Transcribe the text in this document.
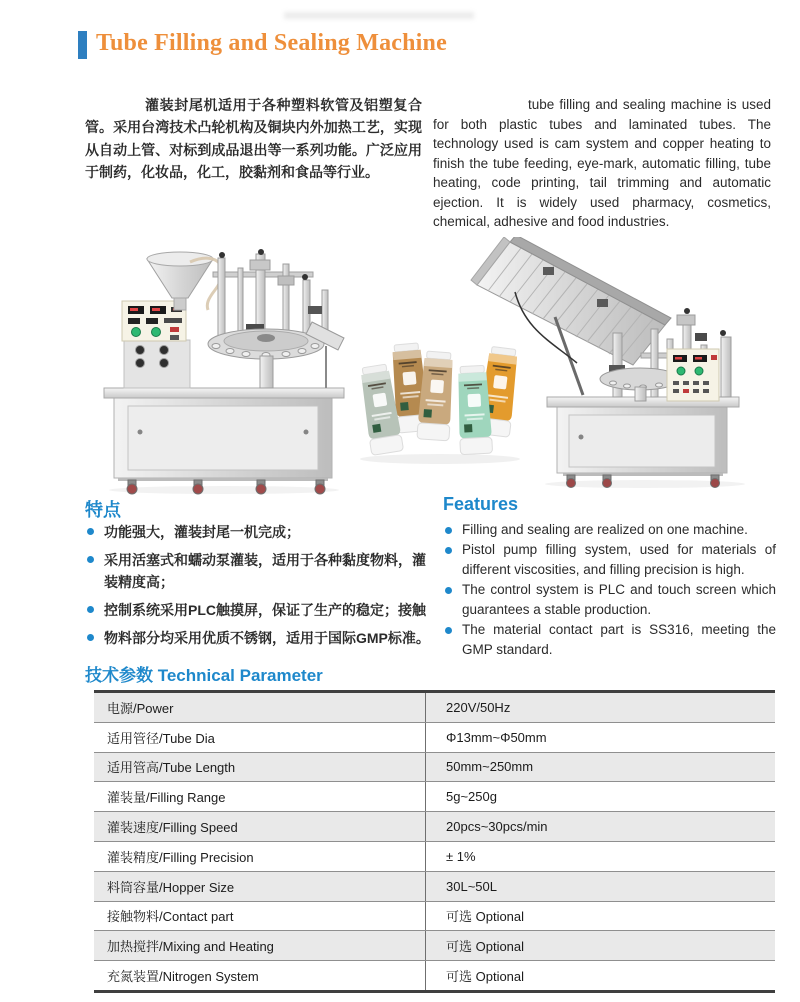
Tube Filling and Sealing Machine
灌装封尾机适用于各种塑料软管及铝塑复合管。采用台湾技术凸轮机构及铜块内外加热工艺，实现从自动上管、对标到成品退出等一系列功能。广泛应用于制药，化妆品，化工，胶黏剂和食品等行业。
tube filling and sealing machine is used for both plastic tubes and laminated tubes. The technology used is cam system and copper heating to finish the tube feeding, eye-mark, automatic filling, tube heating, code printing, tail trimming and automatic ejection. It is widely used pharmacy, cosmetics, chemical, adhesive and food industries.
特点
功能强大，灌装封尾一机完成；
采用活塞式和蠕动泵灌装，适用于各种黏度物料，灌装精度高；
控制系统采用PLC触摸屏，保证了生产的稳定；接触
物料部分均采用优质不锈钢，适用于国际GMP标准。
Features
Filling and sealing are realized on one machine.
Pistol pump filling system, used for materials of different viscosities, and filling precision is high.
The control system is PLC and touch screen which guarantees a stable production.
The material contact part is SS316, meeting the GMP standard.
技术参数 Technical Parameter
电源/Power	220V/50Hz
适用管径/Tube Dia	Φ13mm~Φ50mm
适用管高/Tube Length	50mm~250mm
灌装量/Filling Range	5g~250g
灌装速度/Filling Speed	20pcs~30pcs/min
灌装精度/Filling Precision	± 1%
料筒容量/Hopper Size	30L~50L
接触物料/Contact part	可选 Optional
加热搅拌/Mixing and Heating	可选 Optional
充氮装置/Nitrogen System	可选 Optional
